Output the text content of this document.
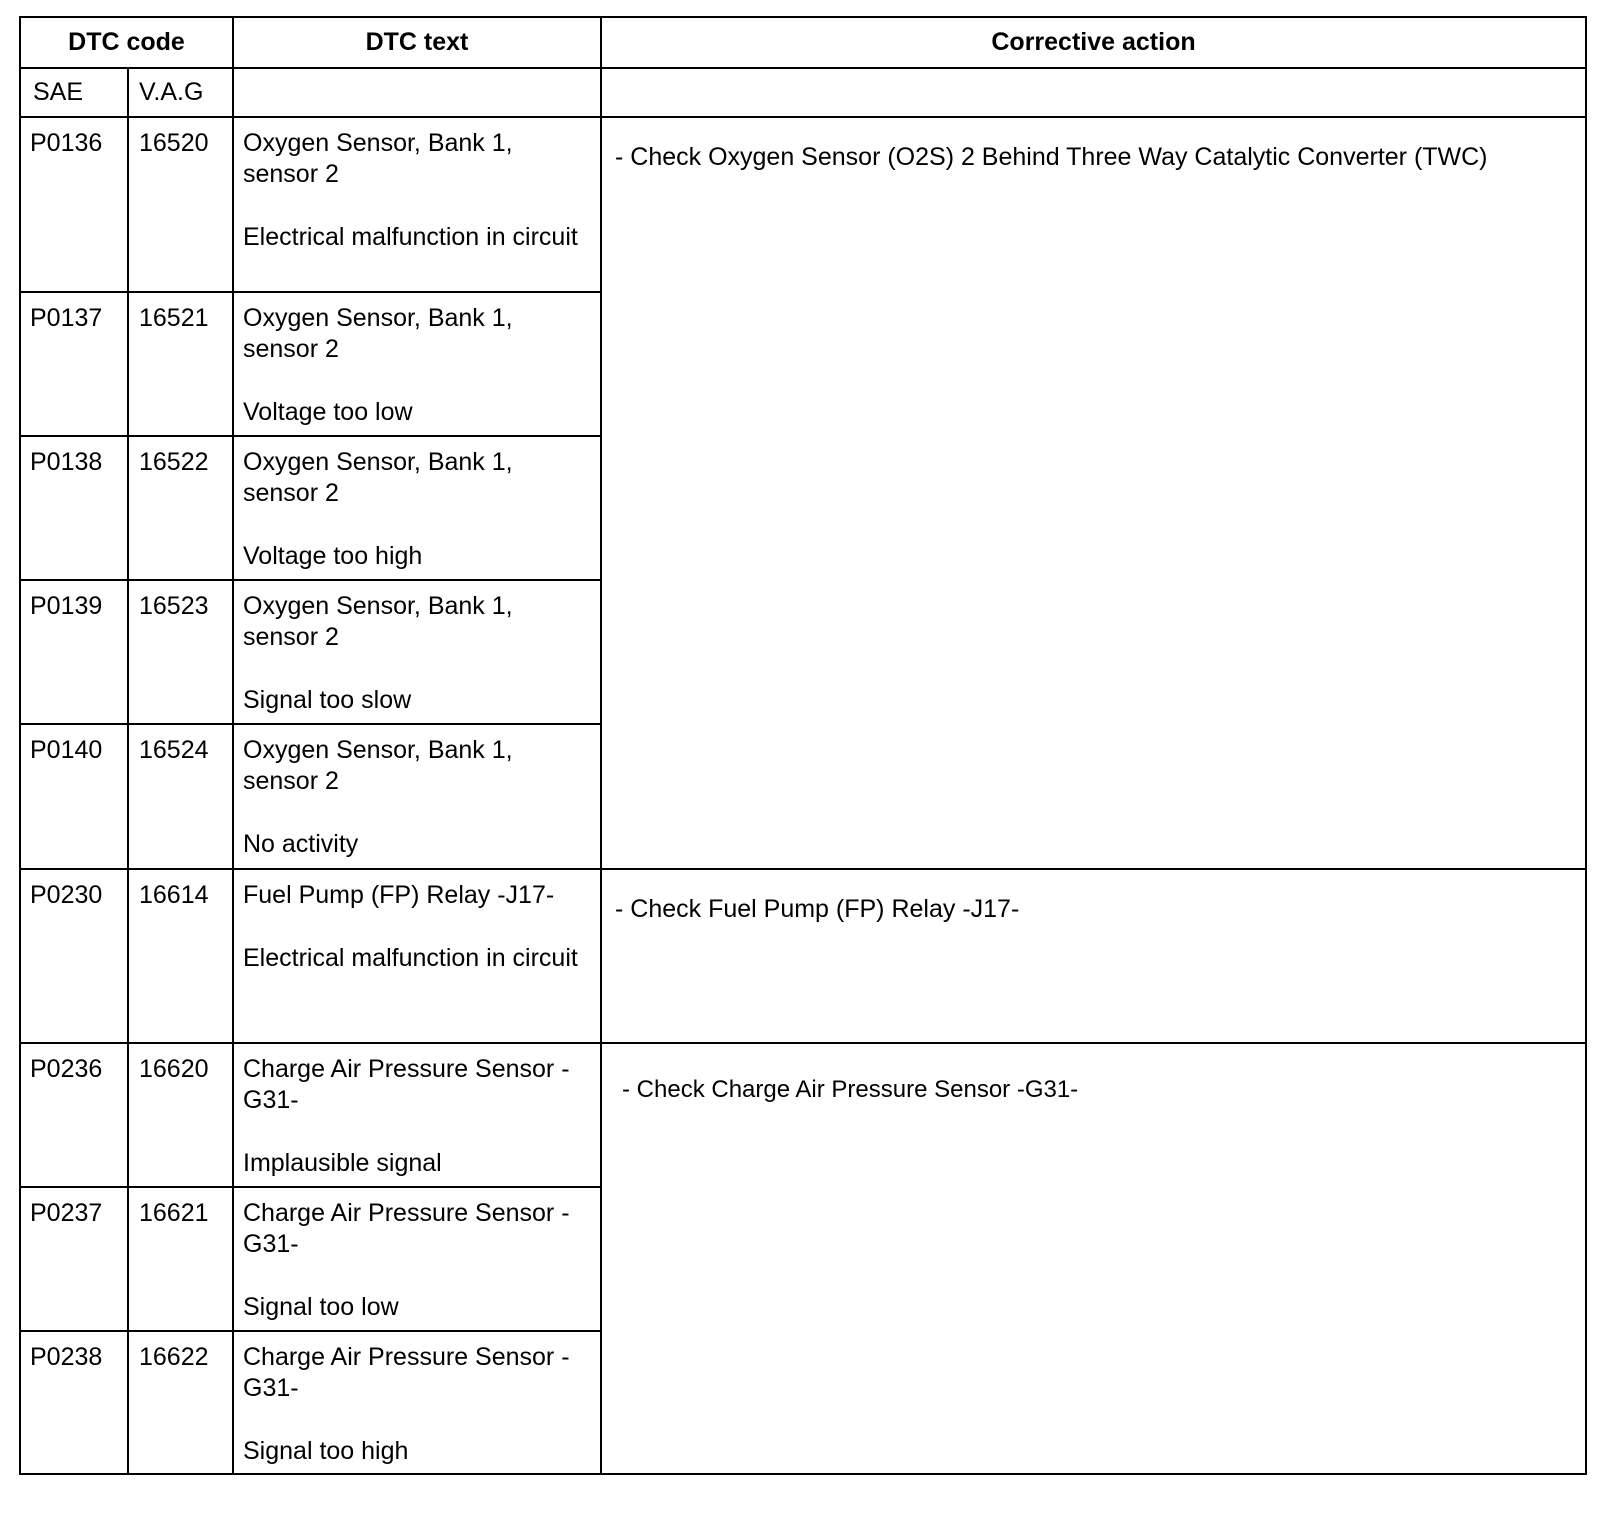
DTC code		DTC text	Corrective action
SAE	V.A.G		
P0136	16520	Oxygen Sensor, Bank 1, sensor 2
Electrical malfunction in circuit	- Check Oxygen Sensor (O2S) 2 Behind Three Way Catalytic Converter (TWC)
P0137	16521	Oxygen Sensor, Bank 1, sensor 2
Voltage too low	

P0138	16522	Oxygen Sensor, Bank 1, sensor 2
Voltage too high	

P0139	16523	Oxygen Sensor, Bank 1, sensor 2
Signal too slow	

P0140	16524	Oxygen Sensor, Bank 1, sensor 2
No activity	

P0230	16614	Fuel Pump (FP) Relay -J17-
Electrical malfunction in circuit	- Check Fuel Pump (FP) Relay -J17-
P0236	16620	Charge Air Pressure Sensor -G31-
Implausible signal	- Check Charge Air Pressure Sensor -G31-
P0237	16621	Charge Air Pressure Sensor -G31-
Signal too low	

P0238	16622	Charge Air Pressure Sensor -G31-
Signal too high	
